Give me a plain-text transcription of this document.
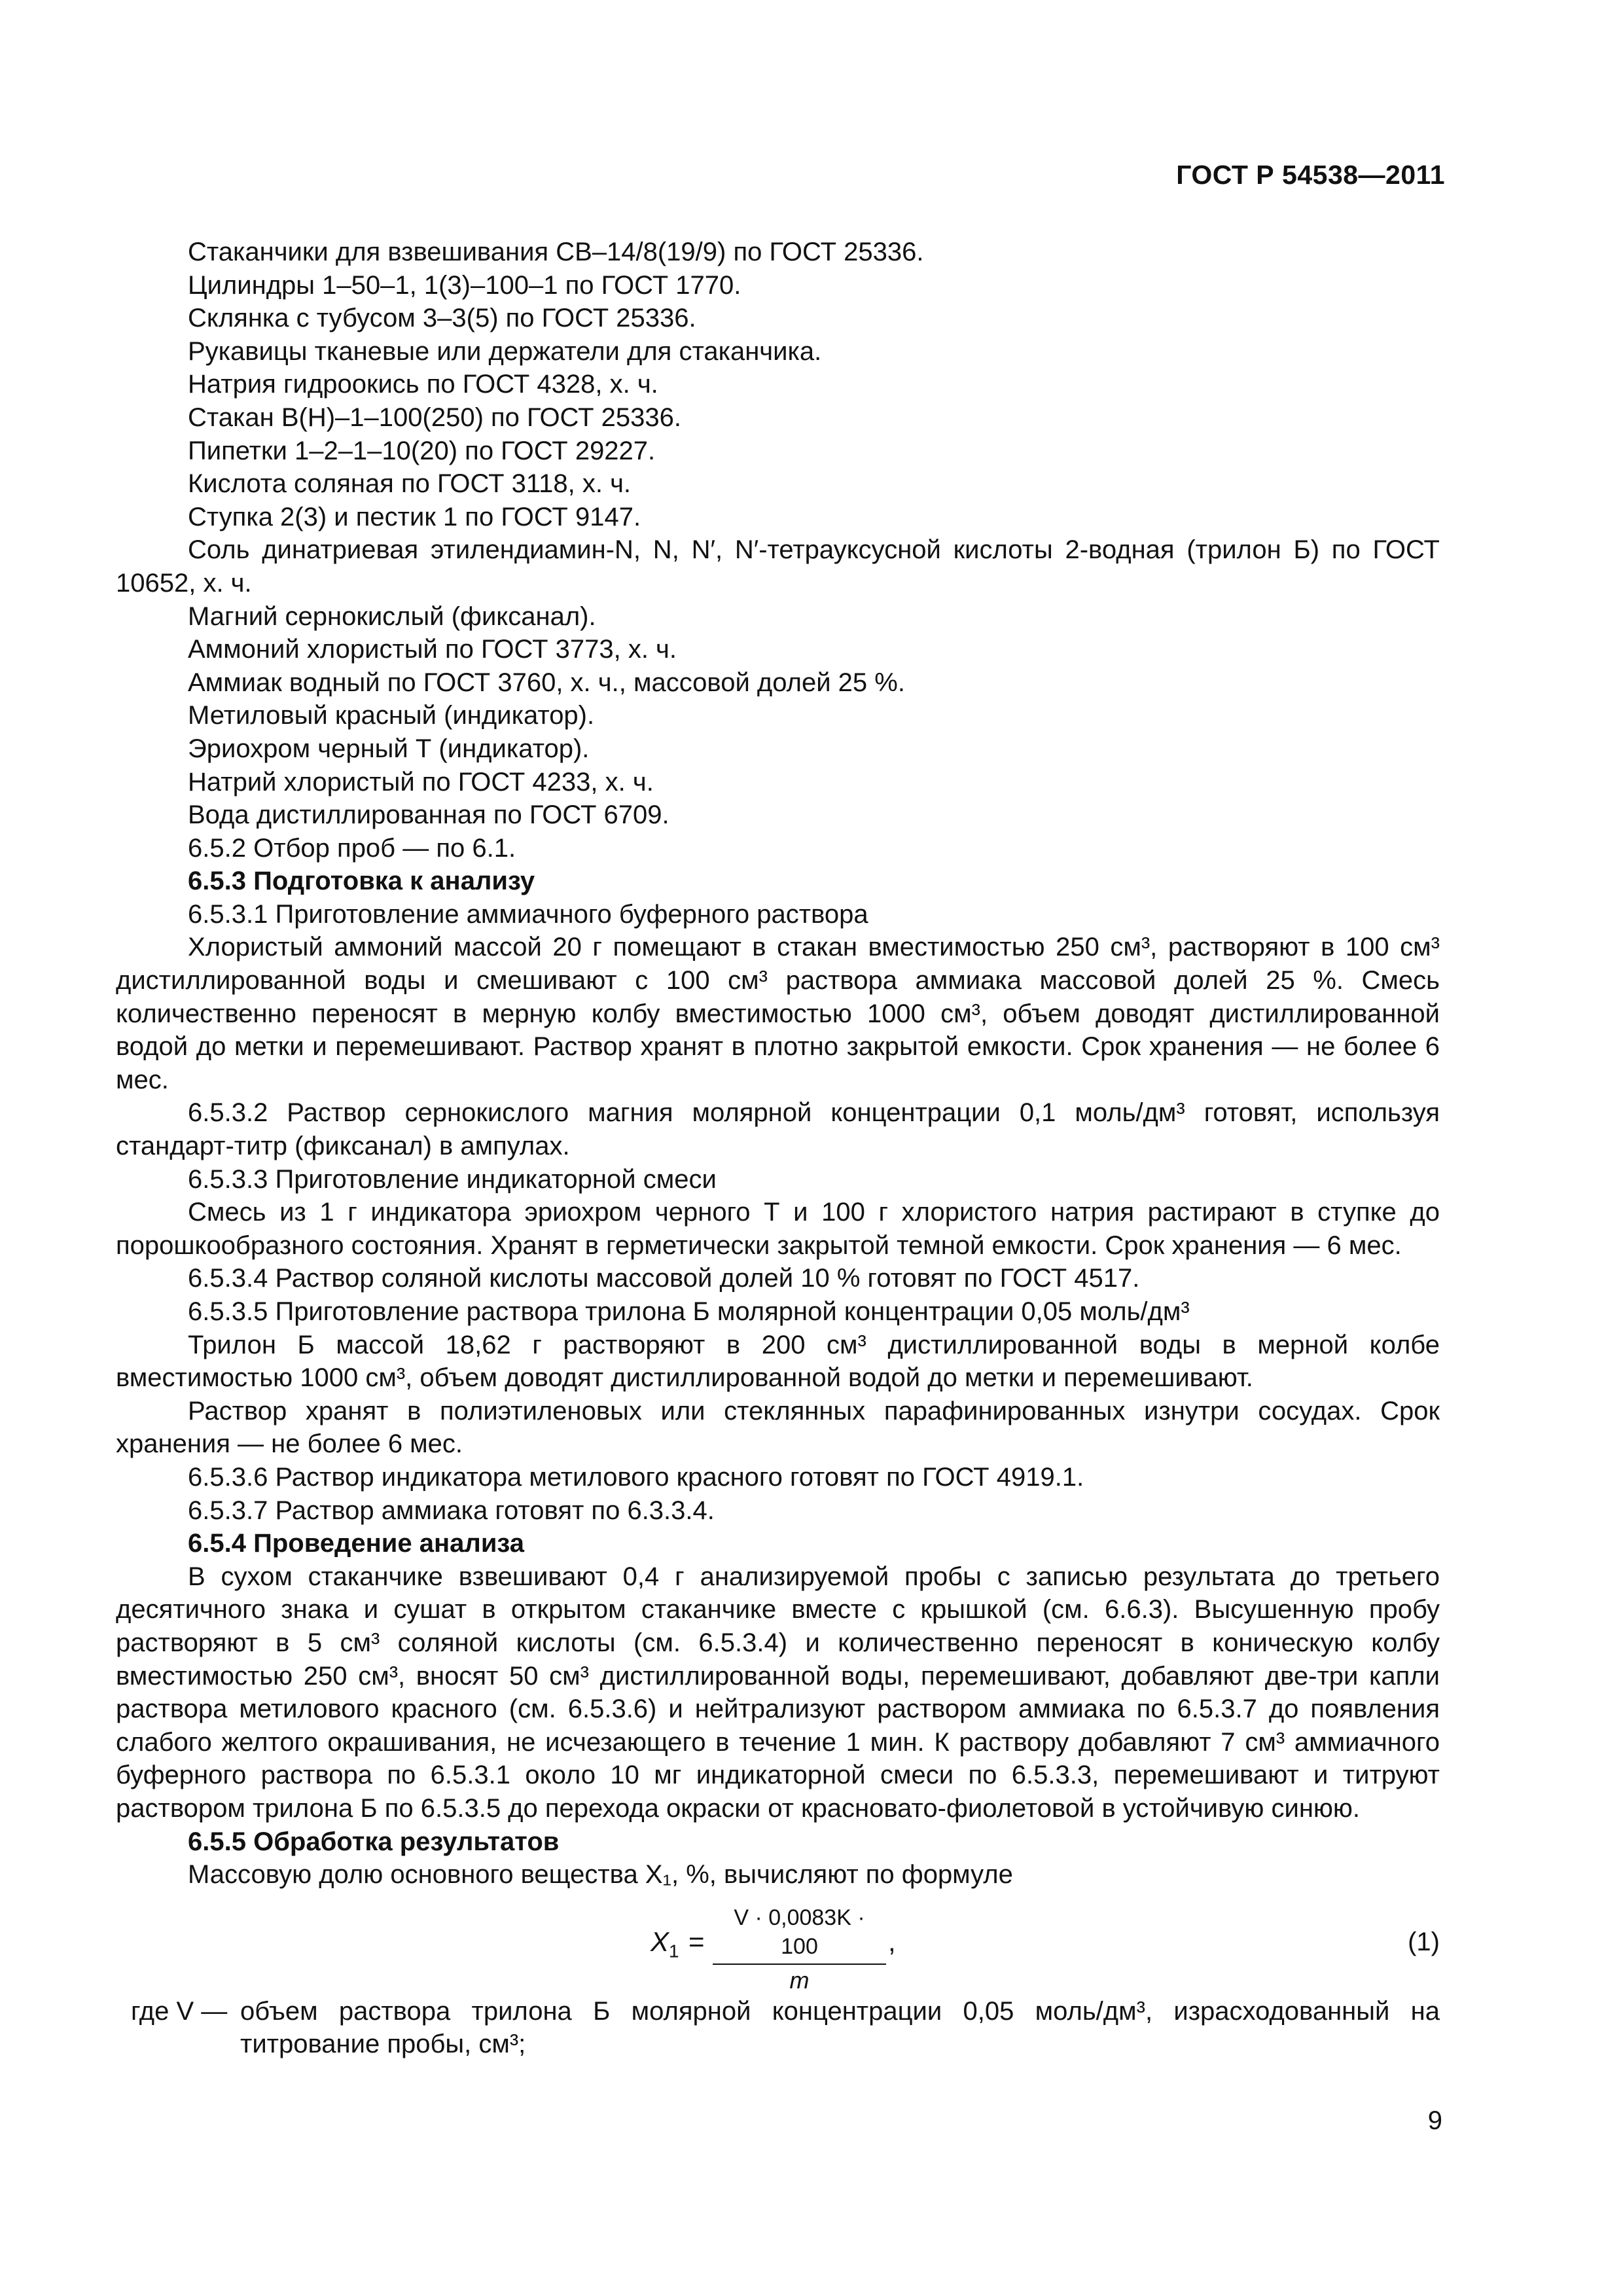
ГОСТ Р 54538—2011

Стаканчики для взвешивания СВ–14/8(19/9) по ГОСТ 25336.

Цилиндры 1–50–1, 1(3)–100–1 по ГОСТ 1770.

Склянка с тубусом 3–3(5) по ГОСТ 25336.

Рукавицы тканевые или держатели для стаканчика.

Натрия гидроокись по ГОСТ 4328, х. ч.

Стакан В(Н)–1–100(250) по ГОСТ 25336.

Пипетки 1–2–1–10(20) по ГОСТ 29227.

Кислота соляная по ГОСТ 3118, х. ч.

Ступка 2(3) и пестик 1 по ГОСТ 9147.

Соль динатриевая этилендиамин-N, N, N′, N′-тетрауксусной кислоты 2-водная (трилон Б) по ГОСТ 10652, х. ч.

Магний сернокислый (фиксанал).

Аммоний хлористый по ГОСТ 3773, х. ч.

Аммиак водный по ГОСТ 3760, х. ч., массовой долей 25 %.

Метиловый красный (индикатор).

Эриохром черный Т (индикатор).

Натрий хлористый по ГОСТ 4233, х. ч.

Вода дистиллированная по ГОСТ 6709.

6.5.2 Отбор проб — по 6.1.

6.5.3 Подготовка к анализу

6.5.3.1 Приготовление аммиачного буферного раствора

Хлористый аммоний массой 20 г помещают в стакан вместимостью 250 см³, растворяют в 100 см³ дистиллированной воды и смешивают с 100 см³ раствора аммиака массовой долей 25 %. Смесь количественно переносят в мерную колбу вместимостью 1000 см³, объем доводят дистиллированной водой до метки и перемешивают. Раствор хранят в плотно закрытой емкости. Срок хранения — не более 6 мес.

6.5.3.2 Раствор сернокислого магния молярной концентрации 0,1 моль/дм³ готовят, используя стандарт-титр (фиксанал) в ампулах.

6.5.3.3 Приготовление индикаторной смеси

Смесь из 1 г индикатора эриохром черного Т и 100 г хлористого натрия растирают в ступке до порошкообразного состояния. Хранят в герметически закрытой темной емкости. Срок хранения — 6 мес.

6.5.3.4 Раствор соляной кислоты массовой долей 10 % готовят по ГОСТ 4517.

6.5.3.5 Приготовление раствора трилона Б молярной концентрации 0,05 моль/дм³

Трилон Б массой 18,62 г растворяют в 200 см³ дистиллированной воды в мерной колбе вместимостью 1000 см³, объем доводят дистиллированной водой до метки и перемешивают.

Раствор хранят в полиэтиленовых или стеклянных парафинированных изнутри сосудах. Срок хранения — не более 6 мес.

6.5.3.6 Раствор индикатора метилового красного готовят по ГОСТ 4919.1.

6.5.3.7 Раствор аммиака готовят по 6.3.3.4.

6.5.4 Проведение анализа

В сухом стаканчике взвешивают 0,4 г анализируемой пробы с записью результата до третьего десятичного знака и сушат в открытом стаканчике вместе с крышкой (см. 6.6.3). Высушенную пробу растворяют в 5 см³ соляной кислоты (см. 6.5.3.4) и количественно переносят в коническую колбу вместимостью 250 см³, вносят 50 см³ дистиллированной воды, перемешивают, добавляют две-три капли раствора метилового красного (см. 6.5.3.6) и нейтрализуют раствором аммиака по 6.5.3.7 до появления слабого желтого окрашивания, не исчезающего в течение 1 мин. К раствору добавляют 7 см³ аммиачного буферного раствора по 6.5.3.1 около 10 мг индикаторной смеси по 6.5.3.3, перемешивают и титруют раствором трилона Б по 6.5.3.5 до перехода окраски от красновато-фиолетовой в устойчивую синюю.

6.5.5 Обработка результатов

Массовую долю основного вещества X₁, %, вычисляют по формуле

$X_1 = \frac{V \cdot 0,0083K \cdot 100}{m}$ ,	(1)
где V — объем раствора трилона Б молярной концентрации 0,05 моль/дм³, израсходованный на титрование пробы, см³;
9
